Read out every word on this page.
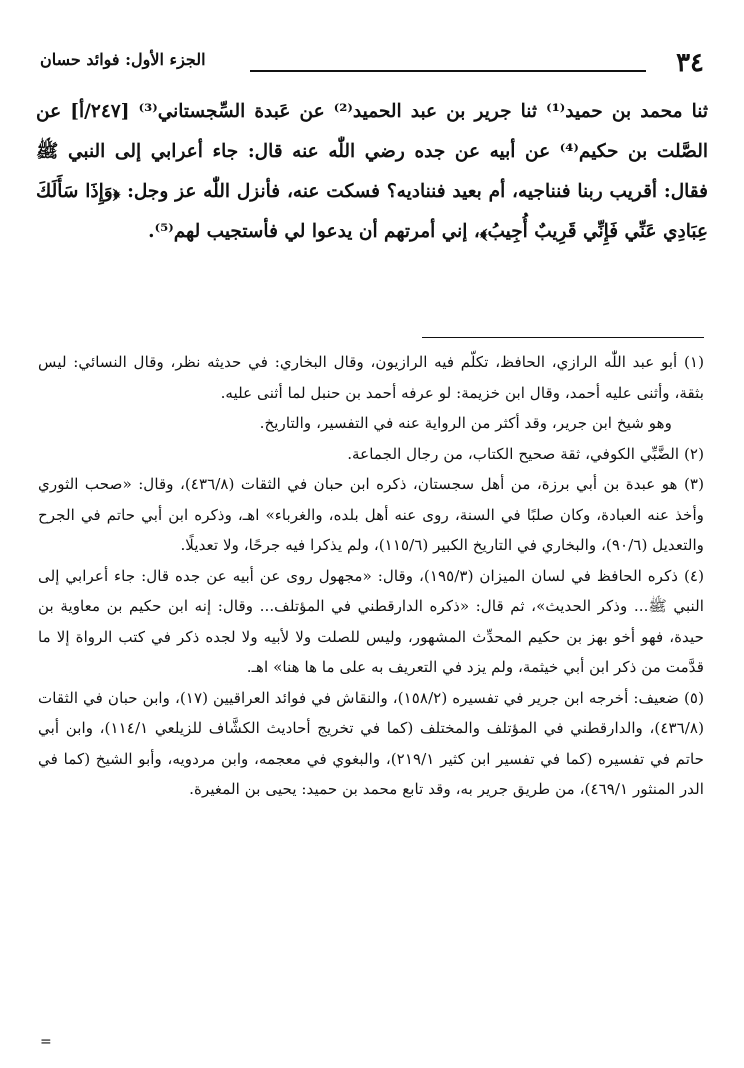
٣٤
الجزء الأول: فوائد حسان

ثنا محمد بن حميد⁽¹⁾ ثنا جرير بن عبد الحميد⁽²⁾ عن عَبدة السِّجستاني⁽³⁾ [٢٤٧/أ] عن الصَّلت بن حكيم⁽⁴⁾ عن أبيه عن جده رضي اللّٰه عنه قال: جاء أعرابي إلى النبي ﷺ فقال: أقريب ربنا فنناجيه، أم بعيد فنناديه؟ فسكت عنه، فأنزل اللّٰه عز وجل: ﴿وَإِذَا سَأَلَكَ عِبَادِي عَنِّي فَإِنِّي قَرِيبٌ أُجِيبُ﴾، إني أمرتهم أن يدعوا لي فأستجيب لهم⁽⁵⁾.

(١) أبو عبد اللّٰه الرازي، الحافظ، تكلّم فيه الرازيون، وقال البخاري: في حديثه نظر، وقال النسائي: ليس بثقة، وأثنى عليه أحمد، وقال ابن خزيمة: لو عرفه أحمد بن حنبل لما أثنى عليه.

وهو شيخ ابن جرير، وقد أكثر من الرواية عنه في التفسير، والتاريخ.

(٢) الضَّبِّي الكوفي، ثقة صحيح الكتاب، من رجال الجماعة.

(٣) هو عبدة بن أبي برزة، من أهل سجستان، ذكره ابن حبان في الثقات (٤٣٦/٨)، وقال: «صحب الثوري وأخذ عنه العبادة، وكان صلبًا في السنة، روى عنه أهل بلده، والغرباء» اهـ، وذكره ابن أبي حاتم في الجرح والتعديل (٩٠/٦)، والبخاري في التاريخ الكبير (١١٥/٦)، ولم يذكرا فيه جرحًا، ولا تعديلًا.

(٤) ذكره الحافظ في لسان الميزان (١٩٥/٣)، وقال: «مجهول روى عن أبيه عن جده قال: جاء أعرابي إلى النبي ﷺ... وذكر الحديث»، ثم قال: «ذكره الدارقطني في المؤتلف... وقال: إنه ابن حكيم بن معاوية بن حيدة، فهو أخو بهز بن حكيم المحدِّث المشهور، وليس للصلت ولا لأبيه ولا لجده ذكر في كتب الرواة إلا ما قدَّمت من ذكر ابن أبي خيثمة، ولم يزد في التعريف به على ما ها هنا» اهـ.

(٥) ضعيف: أخرجه ابن جرير في تفسيره (١٥٨/٢)، والنقاش في فوائد العراقيين (١٧)، وابن حبان في الثقات (٤٣٦/٨)، والدارقطني في المؤتلف والمختلف (كما في تخريج أحاديث الكشَّاف للزيلعي ١١٤/١)، وابن أبي حاتم في تفسيره (كما في تفسير ابن كثير ٢١٩/١)، والبغوي في معجمه، وابن مردويه، وأبو الشيخ (كما في الدر المنثور ٤٦٩/١)، من طريق جرير به، وقد تابع محمد بن حميد: يحيى بن المغيرة.

=
